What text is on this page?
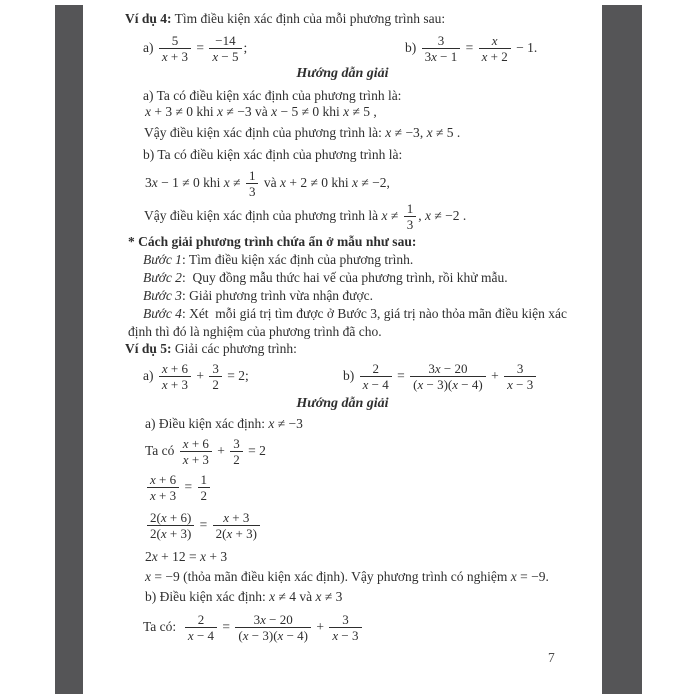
Ví dụ 4: Tìm điều kiện xác định của mỗi phương trình sau:
$a) \frac{5}{x + 3} = \frac{-14}{x - 5}$ ;	$b) \frac{3}{3x - 1} = \frac{x}{x + 2} - 1$ .
Hướng dẫn giải
a) Ta có điều kiện xác định của phương trình là:
x + 3 ≠ 0 khi x ≠ −3 và x − 5 ≠ 0 khi x ≠ 5 ,
Vậy điều kiện xác định của phương trình là: x ≠ −3 , x ≠ 5 .
b) Ta có điều kiện xác định của phương trình là:
3x − 1 ≠ 0 khi $x \ne \frac{1}{3}$ và x + 2 ≠ 0 khi x ≠ −2 ,
Vậy điều kiện xác định của phương trình là $x \ne \frac{1}{3}$ , x ≠ −2 .
* Cách giải phương trình chứa ẩn ở mẫu như sau:
Bước 1: Tìm điều kiện xác định của phương trình.
Bước 2:  Quy đồng mẫu thức hai vế của phương trình, rồi khử mẫu.
Bước 3: Giải phương trình vừa nhận được.
Bước 4: Xét  mỗi giá trị tìm được ở Bước 3, giá trị nào thỏa mãn điều kiện xác
định thì đó là nghiệm của phương trình đã cho.
Ví dụ 5: Giải các phương trình:
$a) \frac{x + 6}{x + 3} + \frac{3}{2} = 2$ ;	$b) \frac{2}{x - 4} = \frac{3x - 20}{(x - 3)(x - 4)} + \frac{3}{x - 3}$
Hướng dẫn giải
a) Điều kiện xác định: x ≠ −3
Ta có $\frac{x + 6}{x + 3} + \frac{3}{2} = 2$
$\frac{x + 6}{x + 3} = \frac{1}{2}$
$\frac{2(x + 6)}{2(x + 3)} = \frac{x + 3}{2(x + 3)}$
2x + 12 = x + 3
x = −9 (thỏa mãn điều kiện xác định). Vậy phương trình có nghiệm x = −9 .
b) Điều kiện xác định: x ≠ 4 và x ≠ 3
Ta có: $\frac{2}{x - 4} = \frac{3x - 20}{(x - 3)(x - 4)} + \frac{3}{x - 3}$
7
